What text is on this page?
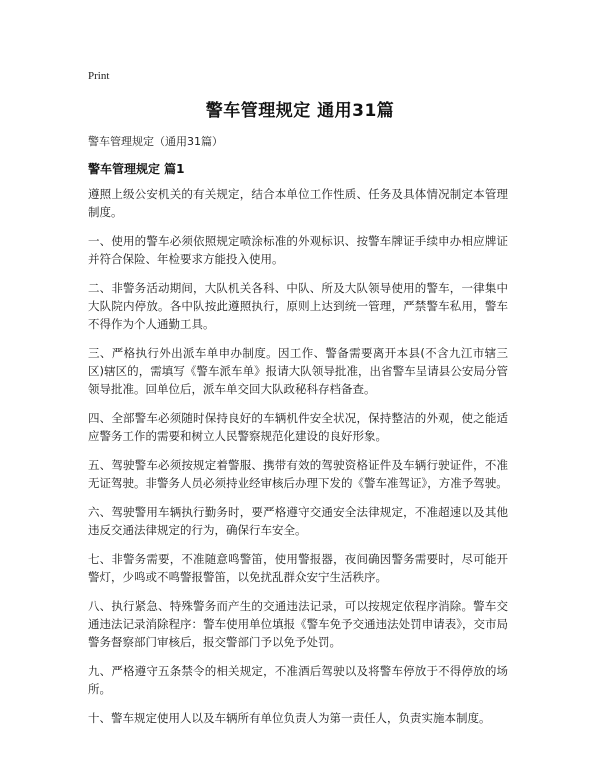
Print
警车管理规定 通用31篇
警车管理规定（通用31篇）
警车管理规定 篇1

遵照上级公安机关的有关规定，结合本单位工作性质、任务及具体情况制定本管理制度。

一、使用的警车必须依照规定喷涂标准的外观标识、按警车牌证手续申办相应牌证并符合保险、年检要求方能投入使用。

二、非警务活动期间，大队机关各科、中队、所及大队领导使用的警车，一律集中大队院内停放。各中队按此遵照执行，原则上达到统一管理，严禁警车私用，警车不得作为个人通勤工具。

三、严格执行外出派车单申办制度。因工作、警备需要离开本县(不含九江市辖三区)辖区的，需填写《警车派车单》报请大队领导批准，出省警车呈请县公安局分管领导批准。回单位后，派车单交回大队政秘科存档备查。

四、全部警车必须随时保持良好的车辆机件安全状况，保持整洁的外观，使之能适应警务工作的需要和树立人民警察规范化建设的良好形象。

五、驾驶警车必须按规定着警服、携带有效的驾驶资格证件及车辆行驶证件，不准无证驾驶。非警务人员必须持业经审核后办理下发的《警车准驾证》，方准予驾驶。

六、驾驶警用车辆执行勤务时，要严格遵守交通安全法律规定，不准超速以及其他违反交通法律规定的行为，确保行车安全。

七、非警务需要，不准随意鸣警笛，使用警报器，夜间确因警务需要时，尽可能开警灯，少鸣或不鸣警报警笛，以免扰乱群众安宁生活秩序。

八、执行紧急、特殊警务而产生的交通违法记录，可以按规定依程序消除。警车交通违法记录消除程序：警车使用单位填报《警车免予交通违法处罚申请表》，交市局警务督察部门审核后，报交警部门予以免予处罚。

九、严格遵守五条禁令的相关规定，不准酒后驾驶以及将警车停放于不得停放的场所。

十、警车规定使用人以及车辆所有单位负责人为第一责任人，负责实施本制度。
